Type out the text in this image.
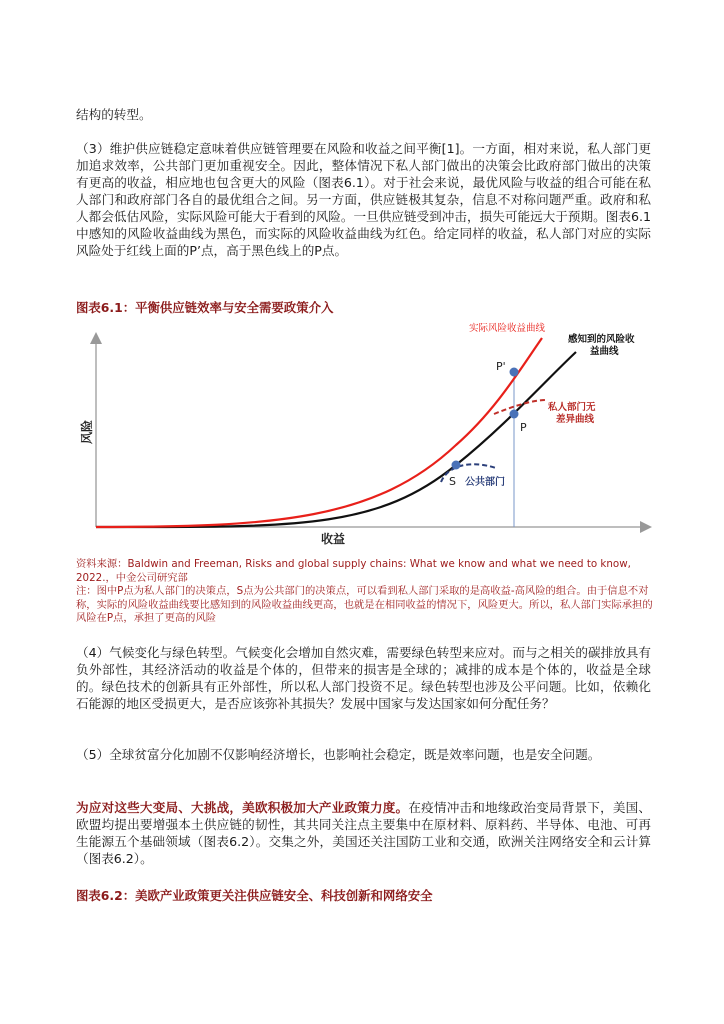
结构的转型。

（3）维护供应链稳定意味着供应链管理要在风险和收益之间平衡[1]。一方面，相对来说，私人部门更加追求效率，公共部门更加重视安全。因此，整体情况下私人部门做出的决策会比政府部门做出的决策有更高的收益，相应地也包含更大的风险（图表6.1）。对于社会来说，最优风险与收益的组合可能在私人部门和政府部门各自的最优组合之间。另一方面，供应链极其复杂，信息不对称问题严重。政府和私人都会低估风险，实际风险可能大于看到的风险。一旦供应链受到冲击，损失可能远大于预期。图表6.1中感知的风险收益曲线为黑色，而实际的风险收益曲线为红色。给定同样的收益，私人部门对应的实际风险处于红线上面的P’点，高于黑色线上的P点。

图表6.1：平衡供应链效率与安全需要政策介入

风险
实际风险收益曲线
感知到的风险收
益曲线
P'
P
S 公共部门
私人部门无
差异曲线
收益

资料来源：Baldwin and Freeman, Risks and global supply chains: What we know and what we need to know, 2022.，中金公司研究部

注：图中P点为私人部门的决策点，S点为公共部门的决策点，可以看到私人部门采取的是高收益-高风险的组合。由于信息不对称，实际的风险收益曲线要比感知到的风险收益曲线更高，也就是在相同收益的情况下，风险更大。所以，私人部门实际承担的风险在P点，承担了更高的风险

（4）气候变化与绿色转型。气候变化会增加自然灾难，需要绿色转型来应对。而与之相关的碳排放具有负外部性，其经济活动的收益是个体的，但带来的损害是全球的；减排的成本是个体的，收益是全球的。绿色技术的创新具有正外部性，所以私人部门投资不足。绿色转型也涉及公平问题。比如，依赖化石能源的地区受损更大，是否应该弥补其损失？发展中国家与发达国家如何分配任务？

（5）全球贫富分化加剧不仅影响经济增长，也影响社会稳定，既是效率问题，也是安全问题。

为应对这些大变局、大挑战，美欧积极加大产业政策力度。在疫情冲击和地缘政治变局背景下，美国、欧盟均提出要增强本土供应链的韧性，其共同关注点主要集中在原材料、原料药、半导体、电池、可再生能源五个基础领域（图表6.2）。交集之外，美国还关注国防工业和交通，欧洲关注网络安全和云计算（图表6.2）。

图表6.2：美欧产业政策更关注供应链安全、科技创新和网络安全
